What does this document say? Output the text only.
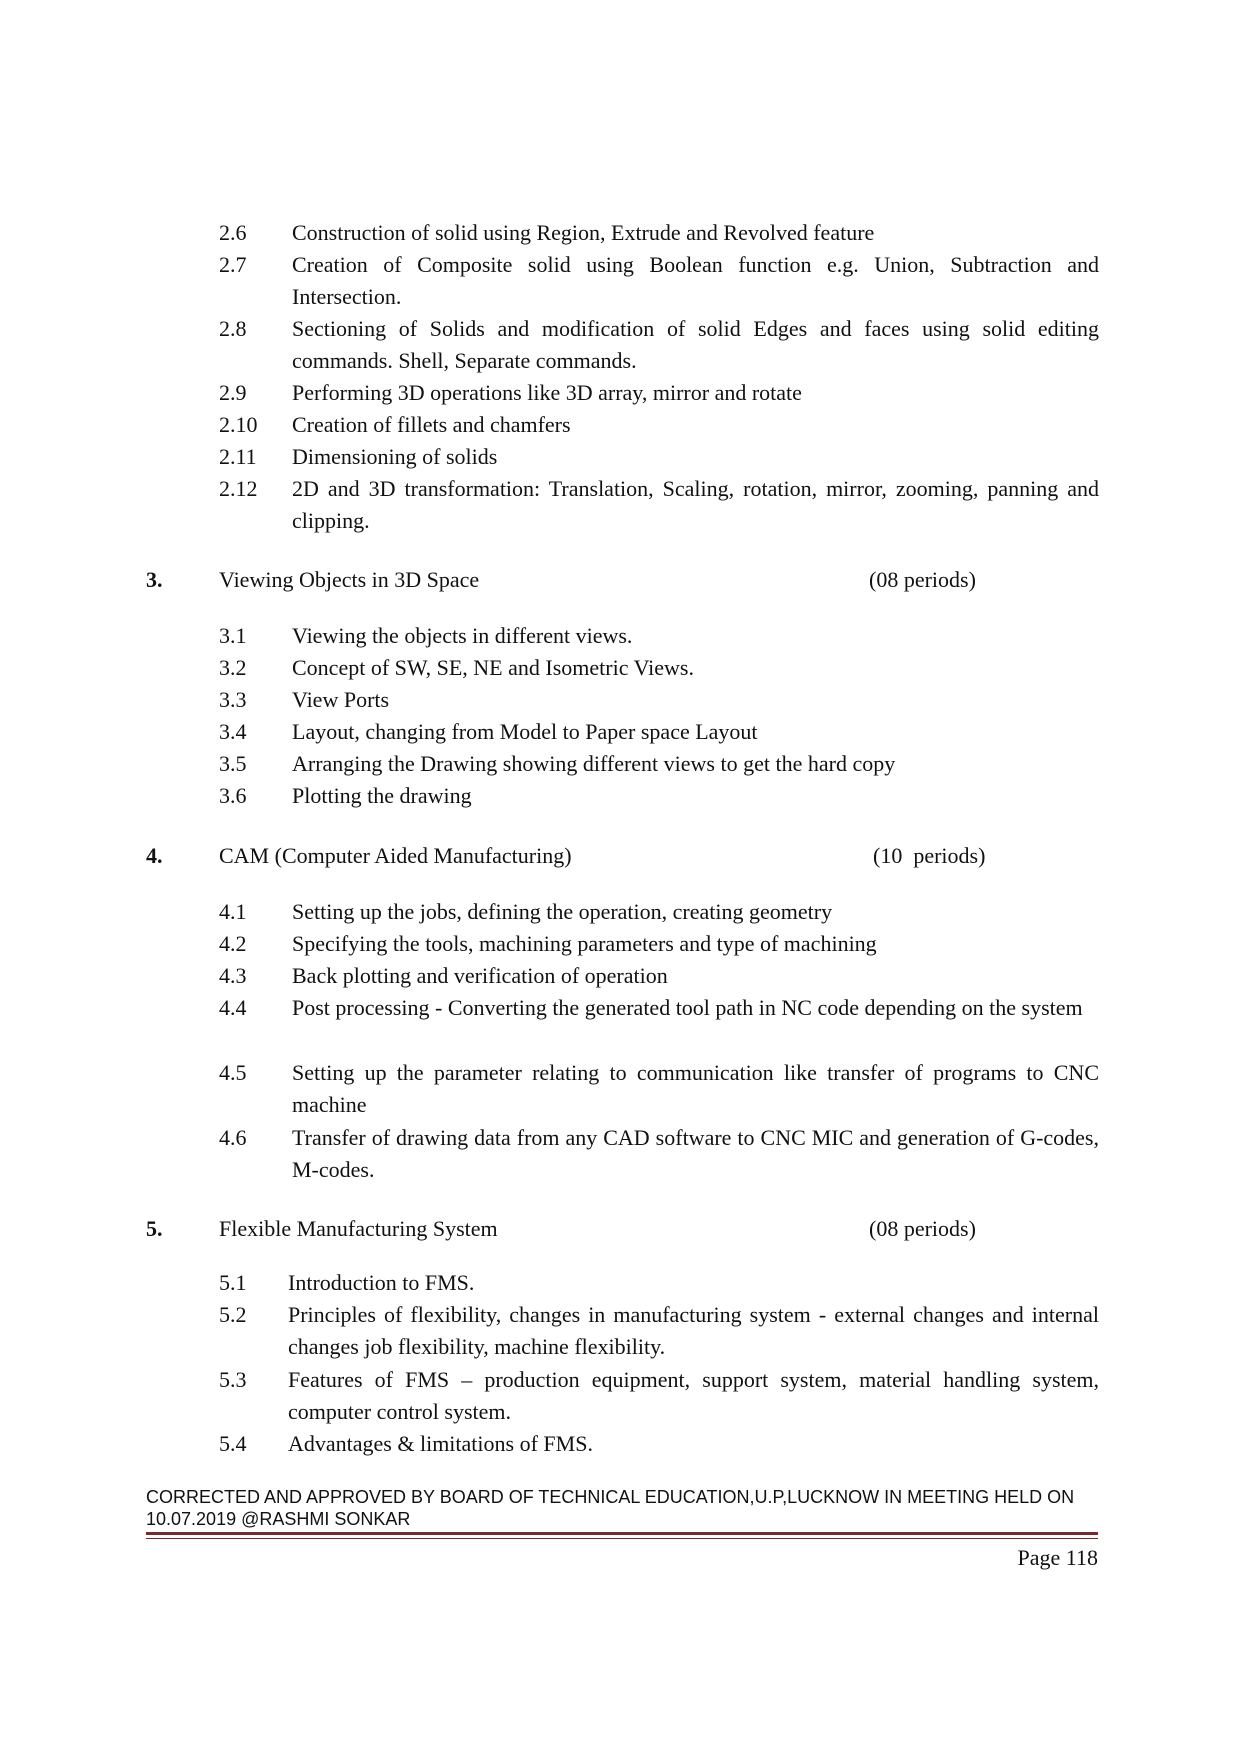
2.6 Construction of solid using Region, Extrude and Revolved feature
2.7 Creation of Composite solid using Boolean function e.g. Union, Subtraction and Intersection.
2.8 Sectioning of Solids and modification of solid Edges and faces using solid editing commands. Shell, Separate commands.
2.9 Performing 3D operations like 3D array, mirror and rotate
2.10 Creation of fillets and chamfers
2.11 Dimensioning of solids
2.12 2D and 3D transformation: Translation, Scaling, rotation, mirror, zooming, panning and clipping.
3.	Viewing Objects in 3D Space	(08 periods)
3.1 Viewing the objects in different views.
3.2 Concept of SW, SE, NE and Isometric Views.
3.3 View Ports
3.4 Layout, changing from Model to Paper space Layout
3.5 Arranging the Drawing showing different views to get the hard copy
3.6 Plotting the drawing
4.	CAM (Computer Aided Manufacturing)	(10  periods)
4.1 Setting up the jobs, defining the operation, creating geometry
4.2 Specifying the tools, machining parameters and type of machining
4.3 Back plotting and verification of operation
4.4 Post processing - Converting the generated tool path in NC code depending on the system
4.5 Setting up the parameter relating to communication like transfer of programs to CNC machine
4.6 Transfer of drawing data from any CAD software to CNC MIC and generation of G-codes, M-codes.
5.	Flexible Manufacturing System	(08 periods)
5.1 Introduction to FMS.
5.2 Principles of flexibility, changes in manufacturing system - external changes and internal changes job flexibility, machine flexibility.
5.3 Features of FMS – production equipment, support system, material handling system, computer control system.
5.4 Advantages & limitations of FMS.
CORRECTED AND APPROVED BY BOARD OF TECHNICAL EDUCATION,U.P,LUCKNOW IN MEETING HELD ON
10.07.2019 @RASHMI SONKAR
Page 118
